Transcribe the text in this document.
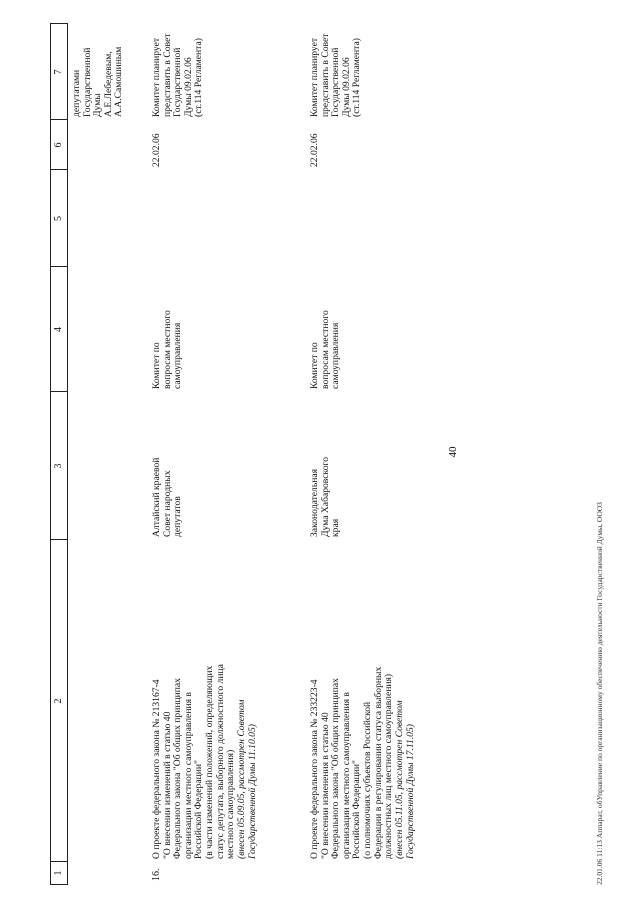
40
1
2
3
4
5
6
7 депутатами
Государственной
Думы
А.Е.Лебедевым,
А.А.Самошиным
16.
О проекте федерального закона № 213167-4
"О внесении изменений в статью 40
Федерального закона "Об общих принципах
организации местного самоуправления в
Российской Федерации"
(в части изменений положений, определяющих
статус депутата, выборного должностного лица
местного самоуправления)
(внесен 05.09.05, рассмотрен Советом
Государственной Думы 11.10.05)
Алтайский краевой
Совет народных
депутатов
Комитет по
вопросам местного
самоуправления
22.02.06
Комитет планирует
представить в Совет
Государственной
Думы 09.02.06
(ст.114 Регламента)
О проекте федерального закона № 233223-4
"О внесении изменения в статью 40
Федерального закона "Об общих принципах
организации местного самоуправления в
Российской Федерации"
(о полномочиях субъектов Российской
Федерации в регулировании статуса выборных
должностных лиц местного самоуправления)
(внесен 05.11.05, рассмотрен Советом
Государственной Думы 17.11.05)
Законодательная
Дума Хабаровского
края
Комитет по
вопросам местного
самоуправления
22.02.06
Комитет планирует
представить в Совет
Государственной
Думы 09.02.06
(ст.114 Регламента)
22.01.06 11:13 Аппарат, обУправление по организационному обеспечению деятельности Государственной Думы, ООО3
